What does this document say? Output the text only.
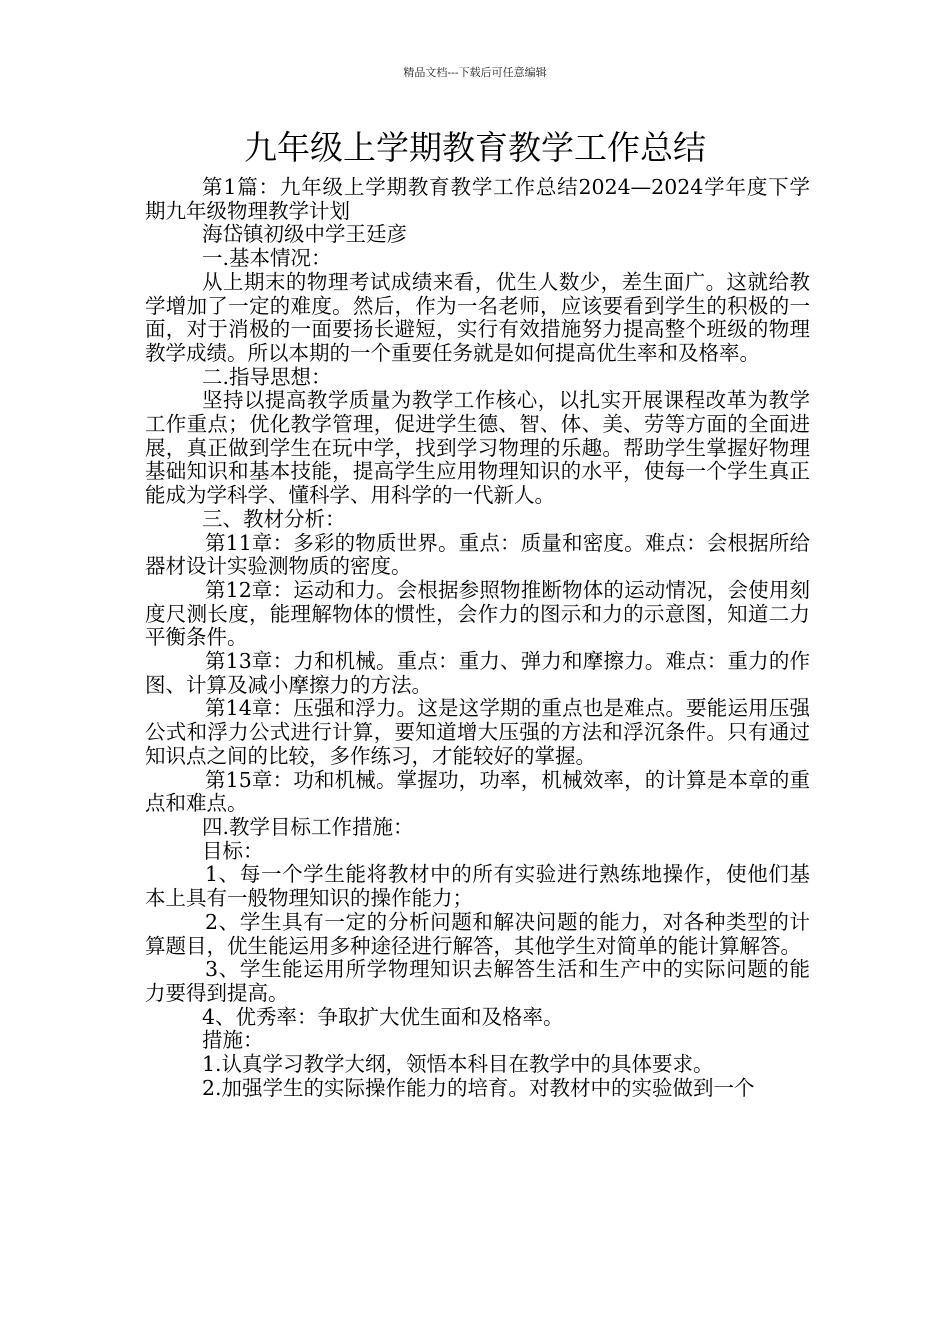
精品文档---下载后可任意编辑
九年级上学期教育教学工作总结

第1篇：九年级上学期教育教学工作总结2024—2024学年度下学期九年级物理教学计划

海岱镇初级中学王廷彦

一.基本情况：

从上期末的物理考试成绩来看，优生人数少，差生面广。这就给教学增加了一定的难度。然后，作为一名老师，应该要看到学生的积极的一面，对于消极的一面要扬长避短，实行有效措施努力提高整个班级的物理教学成绩。所以本期的一个重要任务就是如何提高优生率和及格率。

二.指导思想：

坚持以提高教学质量为教学工作核心，以扎实开展课程改革为教学工作重点；优化教学管理，促进学生德、智、体、美、劳等方面的全面进展，真正做到学生在玩中学，找到学习物理的乐趣。帮助学生掌握好物理基础知识和基本技能，提高学生应用物理知识的水平，使每一个学生真正能成为学科学、懂科学、用科学的一代新人。

三、教材分析：

第11章：多彩的物质世界。重点：质量和密度。难点：会根据所给器材设计实验测物质的密度。

第12章：运动和力。会根据参照物推断物体的运动情况，会使用刻度尺测长度，能理解物体的惯性，会作力的图示和力的示意图，知道二力平衡条件。

第13章：力和机械。重点：重力、弹力和摩擦力。难点：重力的作图、计算及减小摩擦力的方法。

第14章：压强和浮力。这是这学期的重点也是难点。要能运用压强公式和浮力公式进行计算，要知道增大压强的方法和浮沉条件。只有通过知识点之间的比较，多作练习，才能较好的掌握。

第15章：功和机械。掌握功，功率，机械效率，的计算是本章的重点和难点。

四.教学目标工作措施：

目标：

1、每一个学生能将教材中的所有实验进行熟练地操作，使他们基本上具有一般物理知识的操作能力；

2、学生具有一定的分析问题和解决问题的能力，对各种类型的计算题目，优生能运用多种途径进行解答，其他学生对简单的能计算解答。

3、学生能运用所学物理知识去解答生活和生产中的实际问题的能力要得到提高。

4、优秀率：争取扩大优生面和及格率。

措施：

1.认真学习教学大纲，领悟本科目在教学中的具体要求。

2.加强学生的实际操作能力的培育。对教材中的实验做到一个
